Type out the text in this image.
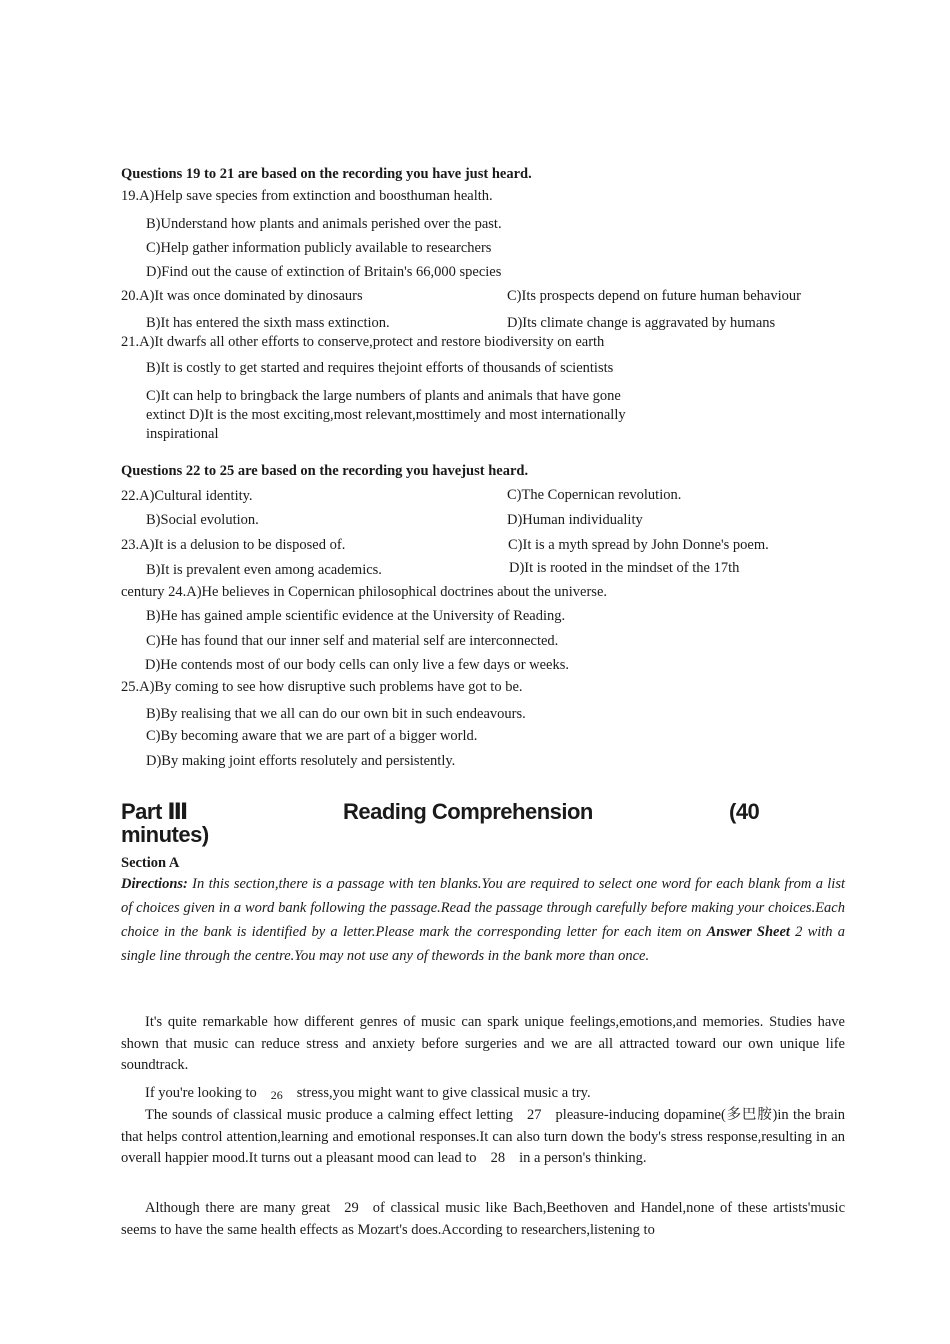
Questions 19 to 21 are based on the recording you have just heard.
19.A)Help save species from extinction and boosthuman health.
B)Understand how plants and animals perished over the past.
C)Help gather information publicly available to researchers
D)Find out the cause of extinction of Britain's 66,000 species
20.A)It was once dominated by dinosaurs	C)Its prospects depend on future human behaviour
B)It has entered the sixth mass extinction.	D)Its climate change is aggravated by humans
21.A)It dwarfs all other efforts to conserve,protect and restore biodiversity on earth
B)It is costly to get started and requires thejoint efforts of thousands of scientists
C)It can help to bringback the large numbers of plants and animals that have gone
extinct D)It is the most exciting,most relevant,mosttimely and most internationally
inspirational
Questions 22 to 25 are based on the recording you havejust heard.
22.A)Cultural identity.	C)The Copernican revolution.
B)Social evolution.	D)Human individuality
23.A)It is a delusion to be disposed of.	C)It is a myth spread by John Donne's poem.
B)It is prevalent even among academics.	D)It is rooted in the mindset of the 17th
century 24.A)He believes in Copernican philosophical doctrines about the universe.
B)He has gained ample scientific evidence at the University of Reading.
C)He has found that our inner self and material self are interconnected.
D)He contends most of our body cells can only live a few days or weeks.
25.A)By coming to see how disruptive such problems have got to be.
B)By realising that we all can do our own bit in such endeavours.
C)By becoming aware that we are part of a bigger world.
D)By making joint efforts resolutely and persistently.
Part Ⅲ	Reading Comprehension	(40
minutes)
Section A
Directions: In this section,there is a passage with ten blanks.You are required to select one word for each blank from a list of choices given in a word bank following the passage.Read the passage through carefully before making your choices.Each choice in the bank is identified by a letter.Please mark the corresponding letter for each item on Answer Sheet 2 with a single line through the centre.You may not use any of thewords in the bank more than once.
It's quite remarkable how different genres of music can spark unique feelings,emotions,and memories. Studies have shown that music can reduce stress and anxiety before surgeries and we are all attracted toward our own unique life soundtrack.
If you're looking to 26 stress,you might want to give classical music a try.
The sounds of classical music produce a calming effect letting 27 pleasure-inducing dopamine(多巴胺)in the brain that helps control attention,learning and emotional responses.It can also turn down the body's stress response,resulting in an overall happier mood.It turns out a pleasant mood can lead to 28 in a person's thinking.
Although there are many great 29 of classical music like Bach,Beethoven and Handel,none of these artists'music seems to have the same health effects as Mozart's does.According to researchers,listening to
